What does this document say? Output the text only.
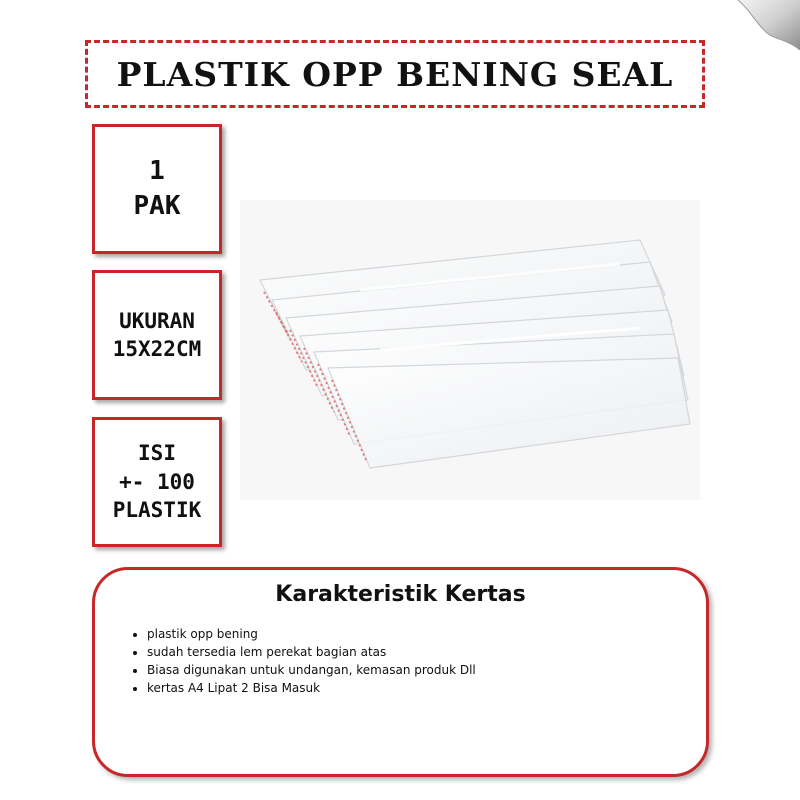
PLASTIK OPP BENING SEAL
1
PAK
UKURAN
15X22CM
ISI
+- 100
PLASTIK
Karakteristik Kertas
• plastik opp bening
• sudah tersedia lem perekat bagian atas
• Biasa digunakan untuk undangan, kemasan produk Dll
• kertas A4 Lipat 2 Bisa Masuk
